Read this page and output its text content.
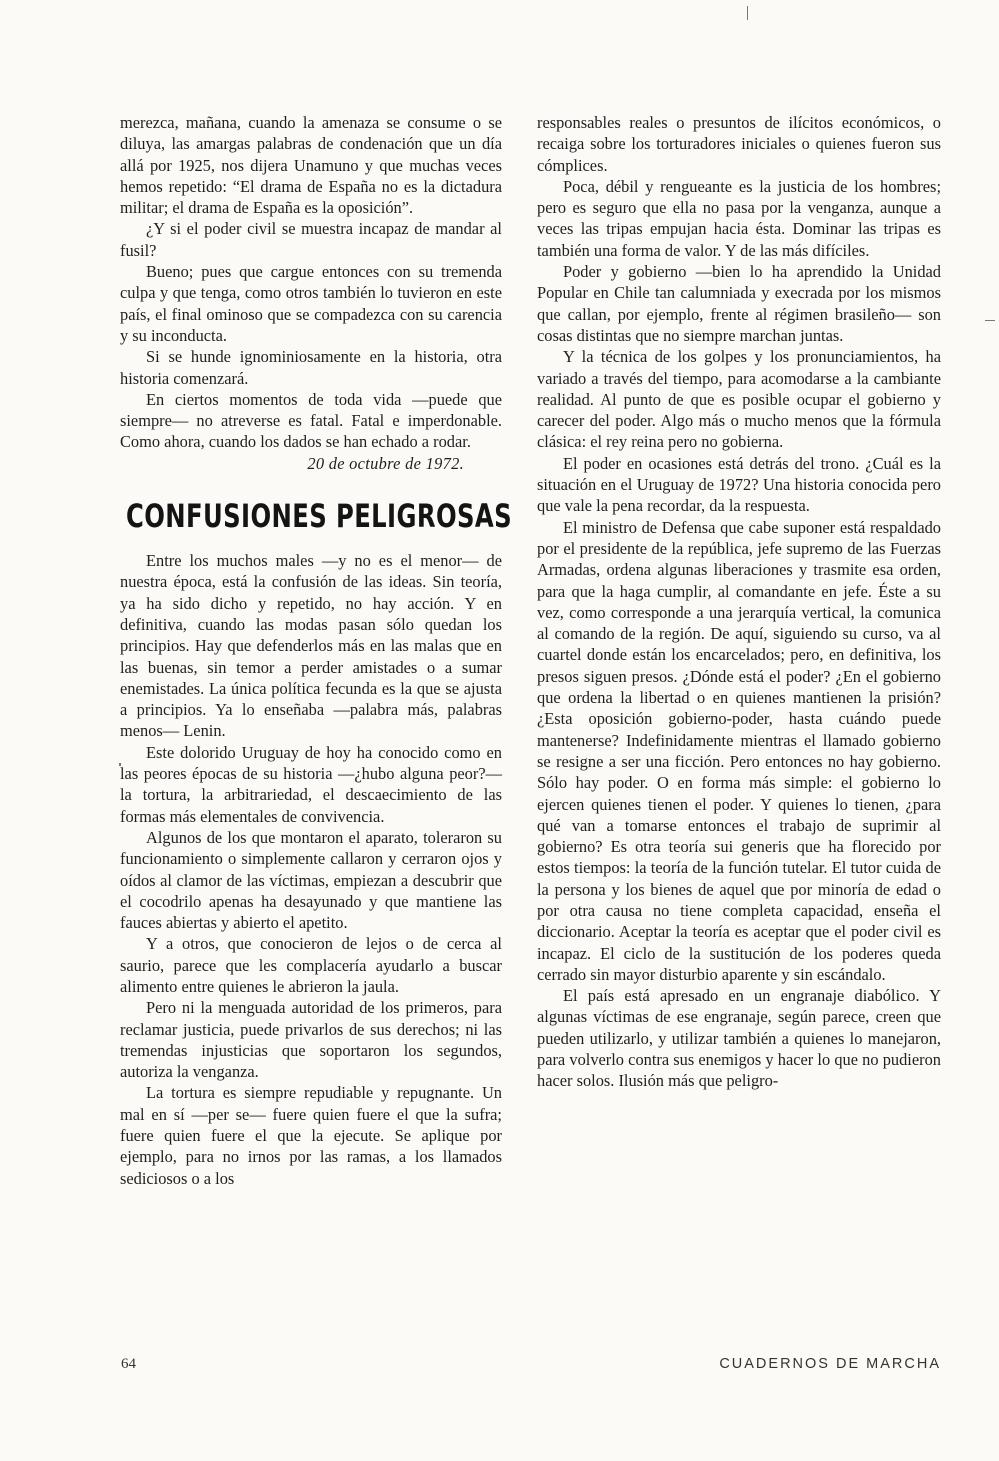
merezca, mañana, cuando la amenaza se consume o se diluya, las amargas palabras de condenación que un día allá por 1925, nos dijera Unamuno y que muchas veces hemos repetido: “El drama de España no es la dictadura militar; el drama de España es la oposición”.

¿Y si el poder civil se muestra incapaz de mandar al fusil?

Bueno; pues que cargue entonces con su tremenda culpa y que tenga, como otros también lo tuvieron en este país, el final ominoso que se compadezca con su carencia y su inconducta.

Si se hunde ignominiosamente en la historia, otra historia comenzará.

En ciertos momentos de toda vida —puede que siempre— no atreverse es fatal. Fatal e imperdonable. Como ahora, cuando los dados se han echado a rodar.

20 de octubre de 1972.

CONFUSIONES PELIGROSAS

Entre los muchos males —y no es el menor— de nuestra época, está la confusión de las ideas. Sin teoría, ya ha sido dicho y repetido, no hay acción. Y en definitiva, cuando las modas pasan sólo quedan los principios. Hay que defenderlos más en las malas que en las buenas, sin temor a perder amistades o a sumar enemistades. La única política fecunda es la que se ajusta a principios. Ya lo enseñaba —palabra más, palabras menos— Lenin.

Este dolorido Uruguay de hoy ha conocido como en las peores épocas de su historia —¿hubo alguna peor?— la tortura, la arbitrariedad, el descaecimiento de las formas más elementales de convivencia.

Algunos de los que montaron el aparato, toleraron su funcionamiento o simplemente callaron y cerraron ojos y oídos al clamor de las víctimas, empiezan a descubrir que el cocodrilo apenas ha desayunado y que mantiene las fauces abiertas y abierto el apetito.

Y a otros, que conocieron de lejos o de cerca al saurio, parece que les complacería ayudarlo a buscar alimento entre quienes le abrieron la jaula.

Pero ni la menguada autoridad de los primeros, para reclamar justicia, puede privarlos de sus derechos; ni las tremendas injusticias que soportaron los segundos, autoriza la venganza.

La tortura es siempre repudiable y repugnante. Un mal en sí —per se— fuere quien fuere el que la sufra; fuere quien fuere el que la ejecute. Se aplique por ejemplo, para no irnos por las ramas, a los llamados sediciosos o a los

responsables reales o presuntos de ilícitos económicos, o recaiga sobre los torturadores iniciales o quienes fueron sus cómplices.

Poca, débil y rengueante es la justicia de los hombres; pero es seguro que ella no pasa por la venganza, aunque a veces las tripas empujan hacia ésta. Dominar las tripas es también una forma de valor. Y de las más difíciles.

Poder y gobierno —bien lo ha aprendido la Unidad Popular en Chile tan calumniada y execrada por los mismos que callan, por ejemplo, frente al régimen brasileño— son cosas distintas que no siempre marchan juntas.

Y la técnica de los golpes y los pronunciamientos, ha variado a través del tiempo, para acomodarse a la cambiante realidad. Al punto de que es posible ocupar el gobierno y carecer del poder. Algo más o mucho menos que la fórmula clásica: el rey reina pero no gobierna.

El poder en ocasiones está detrás del trono. ¿Cuál es la situación en el Uruguay de 1972? Una historia conocida pero que vale la pena recordar, da la respuesta.

El ministro de Defensa que cabe suponer está respaldado por el presidente de la república, jefe supremo de las Fuerzas Armadas, ordena algunas liberaciones y trasmite esa orden, para que la haga cumplir, al comandante en jefe. Éste a su vez, como corresponde a una jerarquía vertical, la comunica al comando de la región. De aquí, siguiendo su curso, va al cuartel donde están los encarcelados; pero, en definitiva, los presos siguen presos. ¿Dónde está el poder? ¿En el gobierno que ordena la libertad o en quienes mantienen la prisión? ¿Esta oposición gobierno-poder, hasta cuándo puede mantenerse? Indefinidamente mientras el llamado gobierno se resigne a ser una ficción. Pero entonces no hay gobierno. Sólo hay poder. O en forma más simple: el gobierno lo ejercen quienes tienen el poder. Y quienes lo tienen, ¿para qué van a tomarse entonces el trabajo de suprimir al gobierno? Es otra teoría sui generis que ha florecido por estos tiempos: la teoría de la función tutelar. El tutor cuida de la persona y los bienes de aquel que por minoría de edad o por otra causa no tiene completa capacidad, enseña el diccionario. Aceptar la teoría es aceptar que el poder civil es incapaz. El ciclo de la sustitución de los poderes queda cerrado sin mayor disturbio aparente y sin escándalo.

El país está apresado en un engranaje diabólico. Y algunas víctimas de ese engranaje, según parece, creen que pueden utilizarlo, y utilizar también a quienes lo manejaron, para volverlo contra sus enemigos y hacer lo que no pudieron hacer solos. Ilusión más que peligro-

64	CUADERNOS DE MARCHA
